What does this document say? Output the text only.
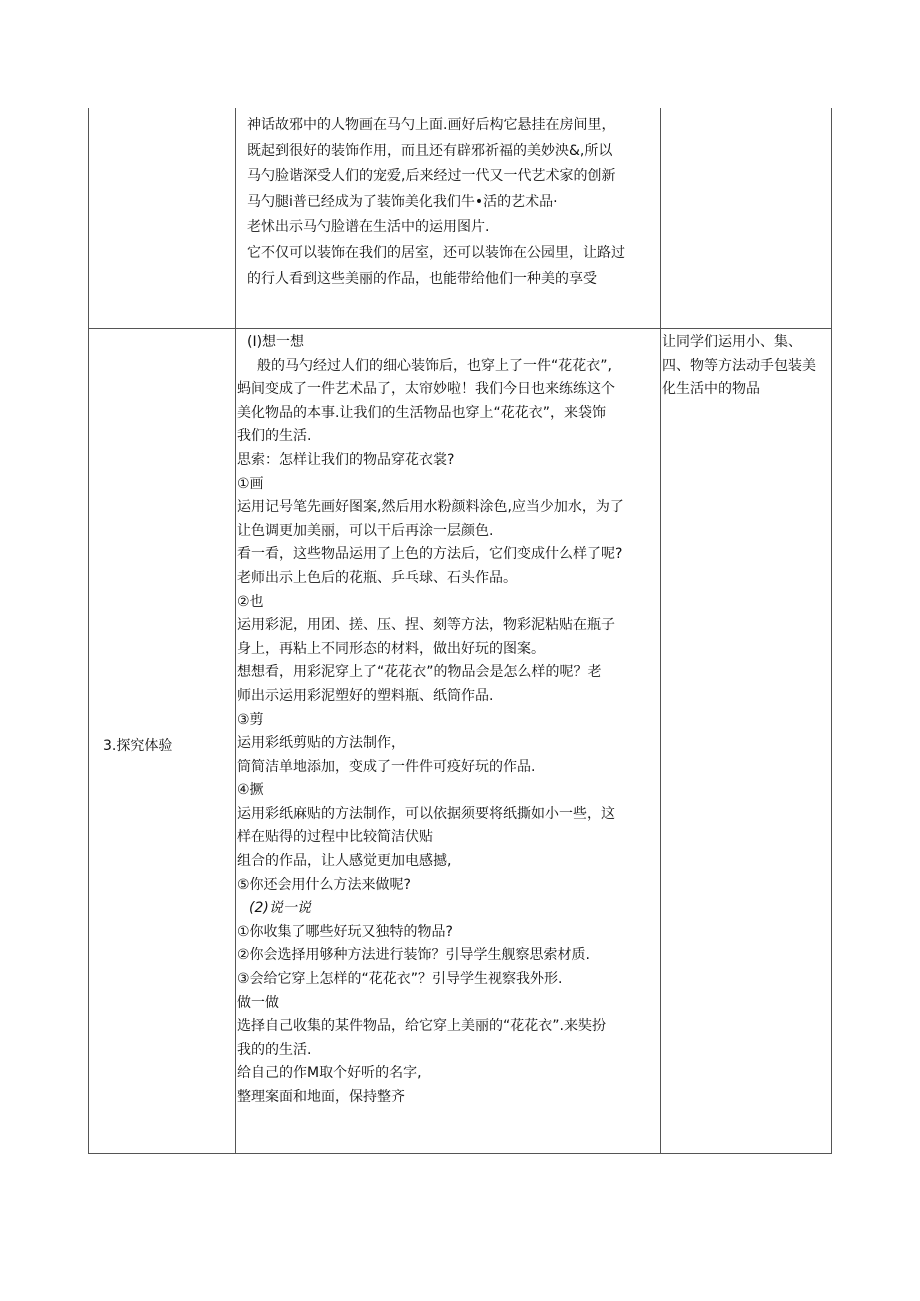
神话故邪中的人物画在马勺上面.画好后构它悬挂在房间里，

既起到很好的装饰作用，而且还有辟邪祈福的美妙泱&,所以

马勺脸谐深受人们的宠爱,后来经过一代又一代艺术家的创新

马勺腿i普已经成为了装饰美化我们牛•活的艺术品·

老怵出示马勺脸谱在生活中的运用图片.

它不仅可以装饰在我们的居室，还可以装饰在公园里，让路过

的行人看到这些美丽的作品，也能带给他们一种美的享受

3.探究体验

(I)想一想

般的马勺经过人们的细心装饰后，也穿上了一件“花花衣”,

蚂间变成了一件艺术品了，太帘妙啦！我们今日也来练练这个

美化物品的本事.让我们的生活物品也穿上“花花衣”，来袋饰

我们的生活.

思索：怎样让我们的物品穿花衣裳?

①画

运用记号笔先画好图案,然后用水粉颜料涂色,应当少加水，为了

让色调更加美丽，可以干后再涂一层颜色.

看一看，这些物品运用了上色的方法后，它们变成什么样了呢?

老师出示上色后的花瓶、乒乓球、石头作品。

②也

运用彩泥，用团、搓、压、捏、刻等方法，物彩泥粘贴在瓶子

身上，再粘上不同形态的材料，做出好玩的图案。

想想看，用彩泥穿上了“花花衣”的物品会是怎么样的呢？老

师出示运用彩泥塑好的塑料瓶、纸筒作品.

③剪

运用彩纸剪贴的方法制作，

筒简洁单地添加，变成了一件件可疫好玩的作品.

④撅

运用彩纸麻贴的方法制作，可以依据须要将纸撕如小一些，这

样在贴得的过程中比较简洁伏贴

组合的作品，让人感觉更加电感撼,

⑤你还会用什么方法来做呢?

(2)说一说

①你收集了哪些好玩又独特的物品?

②你会选择用够种方法进行装饰？引导学生舰察思索材质.

③会给它穿上怎样的“花花衣”？引导学生视察我外形.

做一做

选择自己收集的某件物品，给它穿上美丽的“花花衣”.来奘扮

我的的生活.

给自己的作M取个好听的名字,

整理案面和地面，保持整齐

让同学们运用小、集、

四、物等方法动手包装美

化生活中的物品
